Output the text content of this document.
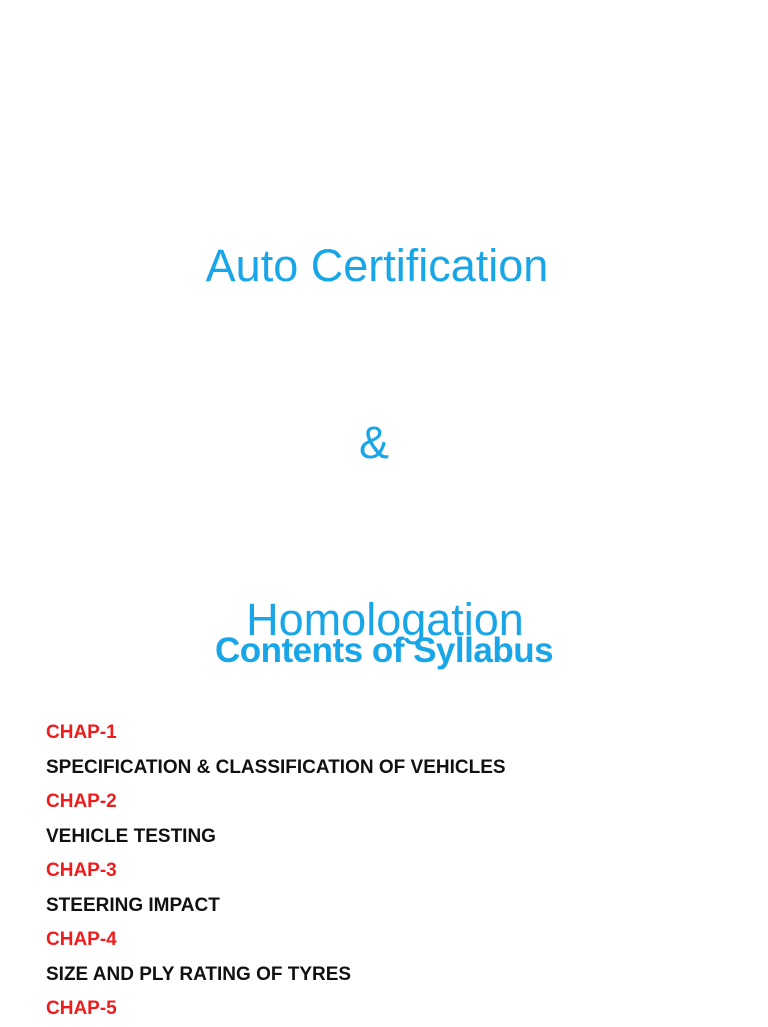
Auto Certification

&

Homologation

Contents of Syllabus
CHAP-1
SPECIFICATION & CLASSIFICATION OF VEHICLES
CHAP-2
VEHICLE TESTING
CHAP-3
STEERING IMPACT
CHAP-4
SIZE AND PLY RATING OF TYRES
CHAP-5
